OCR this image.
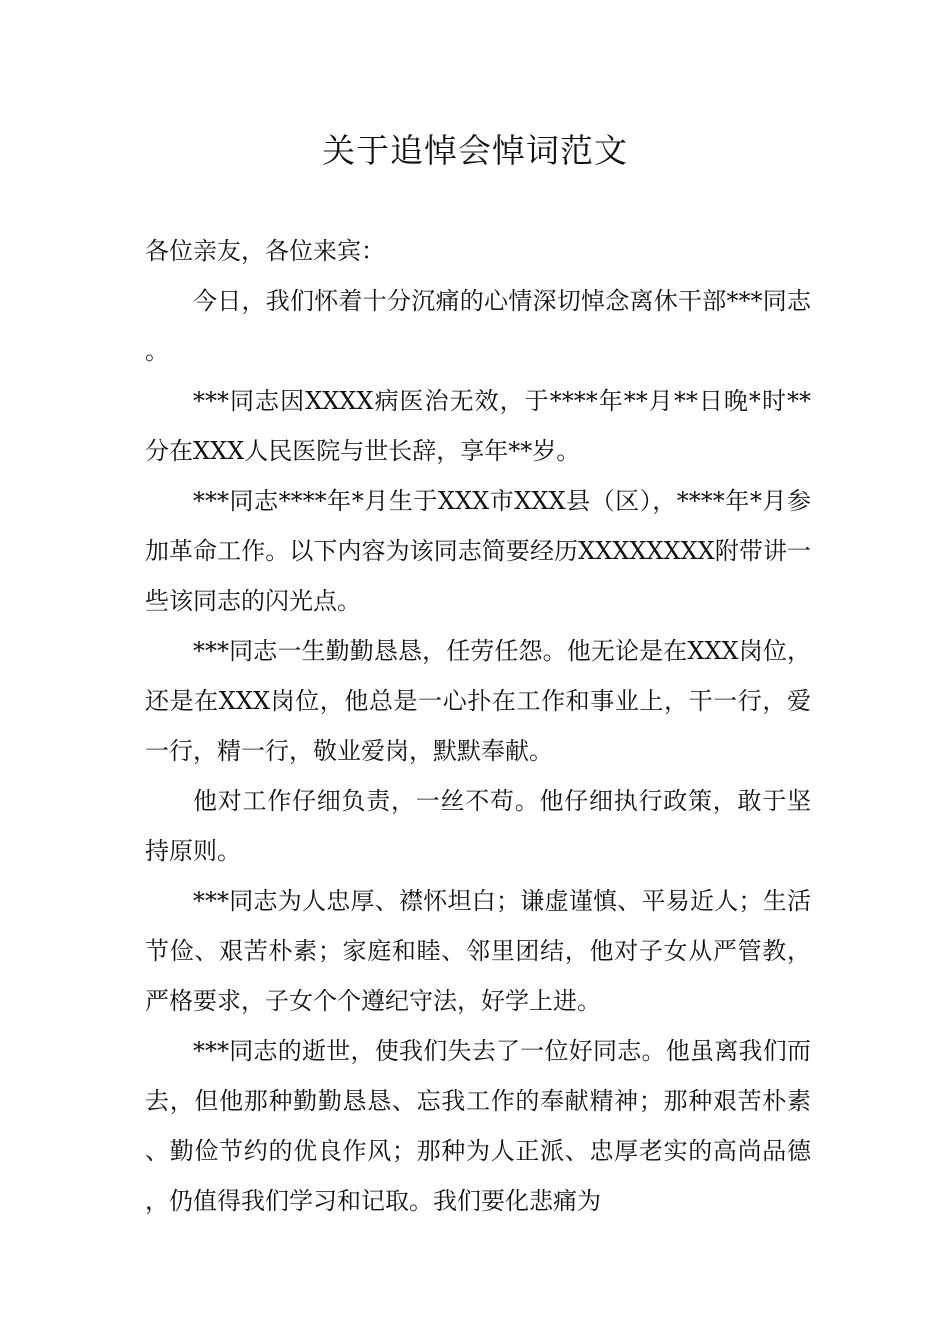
关于追悼会悼词范文

各位亲友，各位来宾：

今日，我们怀着十分沉痛的心情深切悼念离休干部***同志。

***同志因XXXX病医治无效，于****年**月**日晚*时**分在XXX人民医院与世长辞，享年**岁。

***同志****年*月生于XXX市XXX县（区），****年*月参加革命工作。以下内容为该同志简要经历XXXXXXXX附带讲一些该同志的闪光点。

***同志一生勤勤恳恳，任劳任怨。他无论是在XXX岗位，还是在XXX岗位，他总是一心扑在工作和事业上，干一行，爱一行，精一行，敬业爱岗，默默奉献。

他对工作仔细负责，一丝不苟。他仔细执行政策，敢于坚持原则。

***同志为人忠厚、襟怀坦白；谦虚谨慎、平易近人；生活节俭、艰苦朴素；家庭和睦、邻里团结，他对子女从严管教，严格要求，子女个个遵纪守法，好学上进。

***同志的逝世，使我们失去了一位好同志。他虽离我们而去，但他那种勤勤恳恳、忘我工作的奉献精神；那种艰苦朴素、勤俭节约的优良作风；那种为人正派、忠厚老实的高尚品德，仍值得我们学习和记取。我们要化悲痛为
